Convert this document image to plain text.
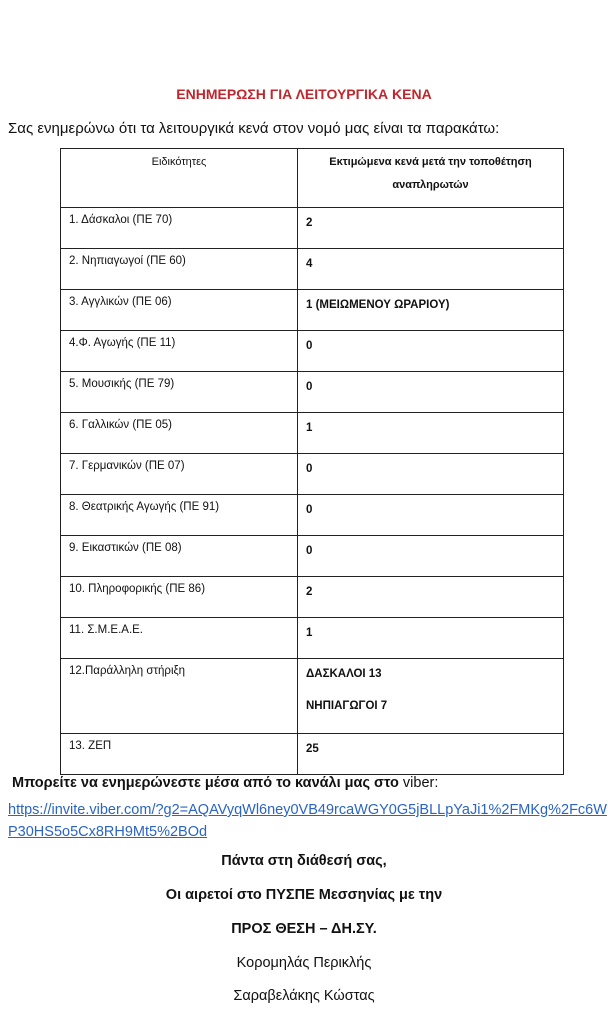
ΕΝΗΜΕΡΩΣΗ ΓΙΑ ΛΕΙΤΟΥΡΓΙΚΑ ΚΕΝΑ
Σας ενημερώνω ότι τα λειτουργικά κενά στον νομό μας είναι τα παρακάτω:
Ειδικότητες	Εκτιμώμενα κενά μετά την τοποθέτηση αναπληρωτών
1. Δάσκαλοι (ΠΕ 70)	2
2. Νηπιαγωγοί (ΠΕ 60)	4
3. Αγγλικών (ΠΕ 06)	1 (ΜΕΙΩΜΕΝΟΥ ΩΡΑΡΙΟΥ)
4.Φ. Αγωγής (ΠΕ 11)	0
5. Μουσικής (ΠΕ 79)	0
6. Γαλλικών (ΠΕ 05)	1
7. Γερμανικών (ΠΕ 07)	0
8. Θεατρικής Αγωγής (ΠΕ 91)	0
9. Εικαστικών (ΠΕ 08)	0
10. Πληροφορικής (ΠΕ 86)	2
11. Σ.Μ.Ε.Α.Ε.	1
12.Παράλληλη στήριξη	ΔΑΣΚΑΛΟΙ 13
ΝΗΠΙΑΓΩΓΟΙ 7

13. ΖΕΠ	25
Μπορείτε να ενημερώνεστε μέσα από το κανάλι μας στο viber:
https://invite.viber.com/?g2=AQAVyqWl6ney0VB49rcaWGY0G5jBLLpYaJi1%2FMKg%2Fc6WP30HS5o5Cx8RH9Mt5%2BOd
Πάντα στη διάθεσή σας,
Οι αιρετοί στο ΠΥΣΠΕ Μεσσηνίας με την
ΠΡΟΣ ΘΕΣΗ – ΔΗ.ΣΥ.
Κορομηλάς Περικλής
Σαραβελάκης Κώστας
